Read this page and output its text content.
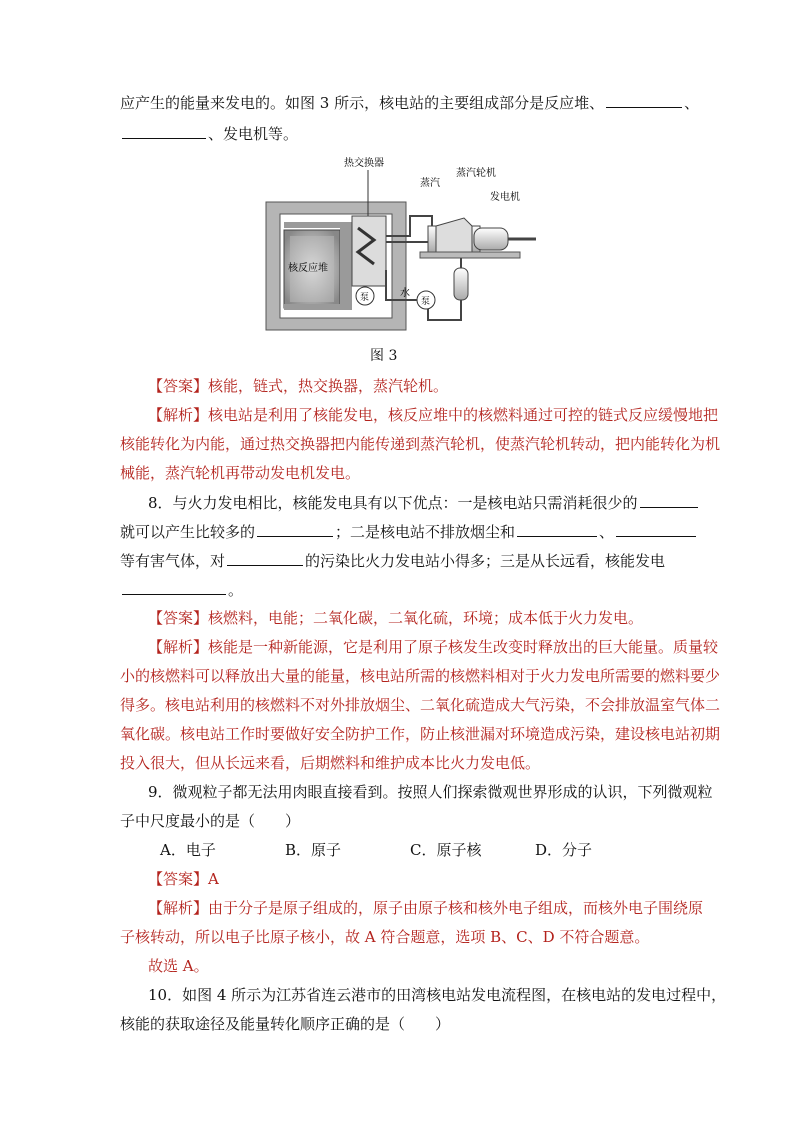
应产生的能量来发电的。如图 3 所示，核电站的主要组成部分是反应堆、	、
、发电机等。
热交换器
蒸汽
蒸汽轮机
发电机
核反应堆
水
泵	泵
图 3
【答案】核能，链式，热交换器，蒸汽轮机。
【解析】核电站是利用了核能发电，核反应堆中的核燃料通过可控的链式反应缓慢地把
核能转化为内能，通过热交换器把内能传递到蒸汽轮机，使蒸汽轮机转动，把内能转化为机
械能，蒸汽轮机再带动发电机发电。
8．与火力发电相比，核能发电具有以下优点：一是核电站只需消耗很少的
就可以产生比较多的	；二是核电站不排放烟尘和	、
等有害气体，对	的污染比火力发电站小得多；三是从长远看，核能发电
。
【答案】核燃料，电能；二氧化碳，二氧化硫，环境；成本低于火力发电。
【解析】核能是一种新能源，它是利用了原子核发生改变时释放出的巨大能量。质量较
小的核燃料可以释放出大量的能量，核电站所需的核燃料相对于火力发电所需要的燃料要少
得多。核电站利用的核燃料不对外排放烟尘、二氧化硫造成大气污染，不会排放温室气体二
氧化碳。核电站工作时要做好安全防护工作，防止核泄漏对环境造成污染，建设核电站初期
投入很大，但从长远来看，后期燃料和维护成本比火力发电低。
9．微观粒子都无法用肉眼直接看到。按照人们探索微观世界形成的认识，下列微观粒
子中尺度最小的是（　　）
A．电子	B．原子	C．原子核	D．分子
【答案】A
【解析】由于分子是原子组成的，原子由原子核和核外电子组成，而核外电子围绕原
子核转动，所以电子比原子核小，故 A 符合题意，选项 B、C、D 不符合题意。
故选 A。
10．如图 4 所示为江苏省连云港市的田湾核电站发电流程图，在核电站的发电过程中，
核能的获取途径及能量转化顺序正确的是（　　）
